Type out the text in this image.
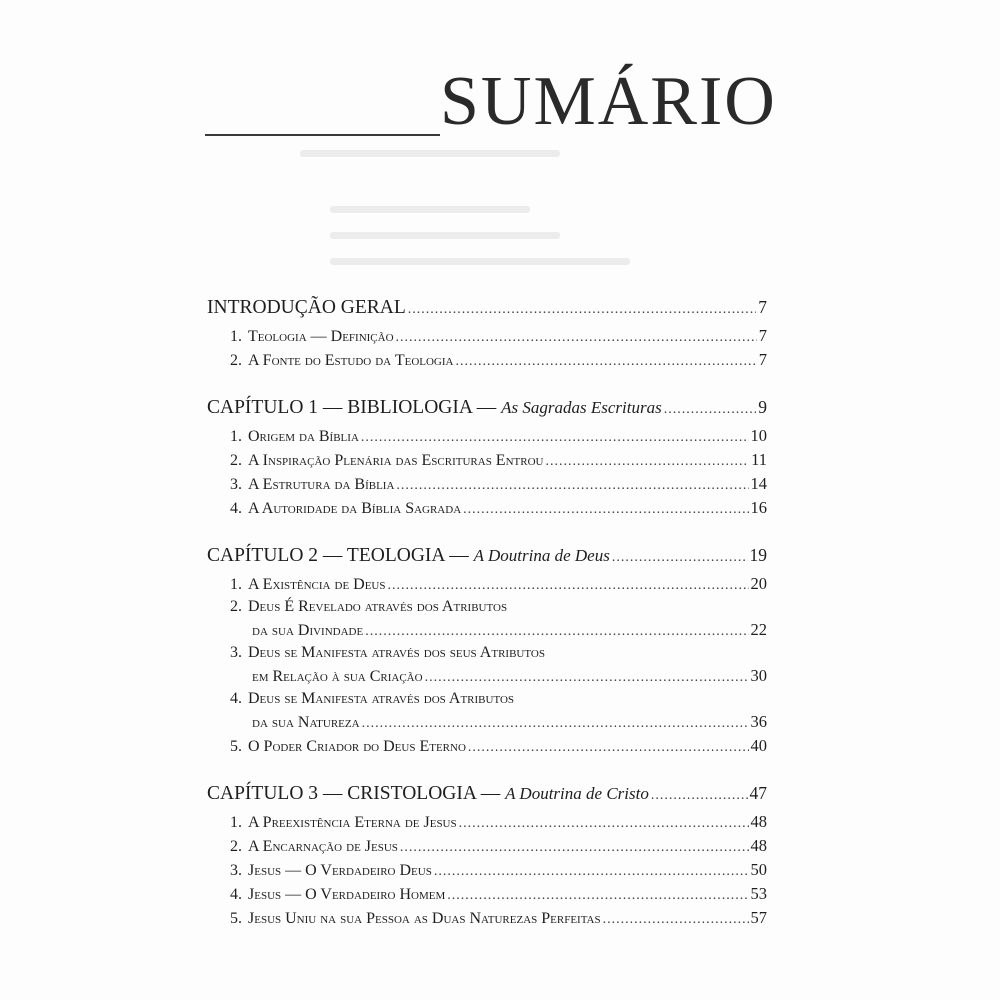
SUMÁRIO
INTRODUÇÃO GERAL .....	7
1. Teologia — Definição .....	7
2. A Fonte do Estudo da Teologia .....	7
CAPÍTULO 1 — BIBLIOLOGIA —
As Sagradas Escrituras .....	9
1. Origem da Bíblia .....	10
2. A Inspiração Plenária das Escrituras Entrou .....	11
3. A Estrutura da Bíblia .....	14
4. A Autoridade da Bíblia Sagrada .....	16
CAPÍTULO 2 — TEOLOGIA —
A Doutrina de Deus .....	19
1. A Existência de Deus .....	20
2. Deus É Revelado através dos Atributos
da sua Divindade .....	22
3. Deus se Manifesta através dos seus Atributos
em Relação à sua Criação .....	30
4. Deus se Manifesta através dos Atributos
da sua Natureza .....	36
5. O Poder Criador do Deus Eterno .....	40
CAPÍTULO 3 — CRISTOLOGIA —
A Doutrina de Cristo .....	47
1. A Preexistência Eterna de Jesus .....	48
2. A Encarnação de Jesus .....	48
3. Jesus — O Verdadeiro Deus .....	50
4. Jesus — O Verdadeiro Homem .....	53
5. Jesus Uniu na sua Pessoa as Duas Naturezas Perfeitas .....	57
